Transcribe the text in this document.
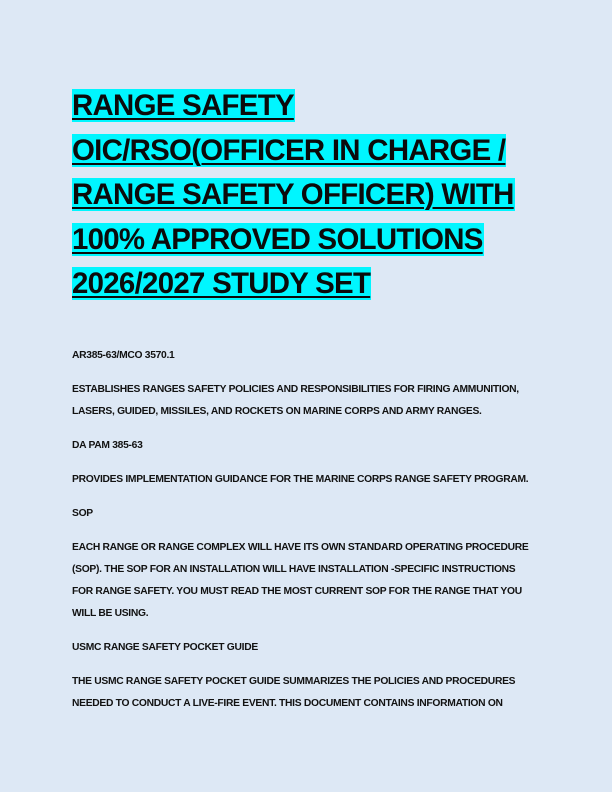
RANGE SAFETY
OIC/RSO(OFFICER IN CHARGE /
RANGE SAFETY OFFICER) WITH
100% APPROVED SOLUTIONS
2026/2027 STUDY SET

AR385-63/MCO 3570.1

ESTABLISHES RANGES SAFETY POLICIES AND RESPONSIBILITIES FOR FIRING AMMUNITION,
LASERS, GUIDED, MISSILES, AND ROCKETS ON MARINE CORPS AND ARMY RANGES.

DA PAM 385-63

PROVIDES IMPLEMENTATION GUIDANCE FOR THE MARINE CORPS RANGE SAFETY PROGRAM.

SOP

EACH RANGE OR RANGE COMPLEX WILL HAVE ITS OWN STANDARD OPERATING PROCEDURE
(SOP). THE SOP FOR AN INSTALLATION WILL HAVE INSTALLATION -SPECIFIC INSTRUCTIONS
FOR RANGE SAFETY. YOU MUST READ THE MOST CURRENT SOP FOR THE RANGE THAT YOU
WILL BE USING.

USMC RANGE SAFETY POCKET GUIDE

THE USMC RANGE SAFETY POCKET GUIDE SUMMARIZES THE POLICIES AND PROCEDURES
NEEDED TO CONDUCT A LIVE-FIRE EVENT. THIS DOCUMENT CONTAINS INFORMATION ON
